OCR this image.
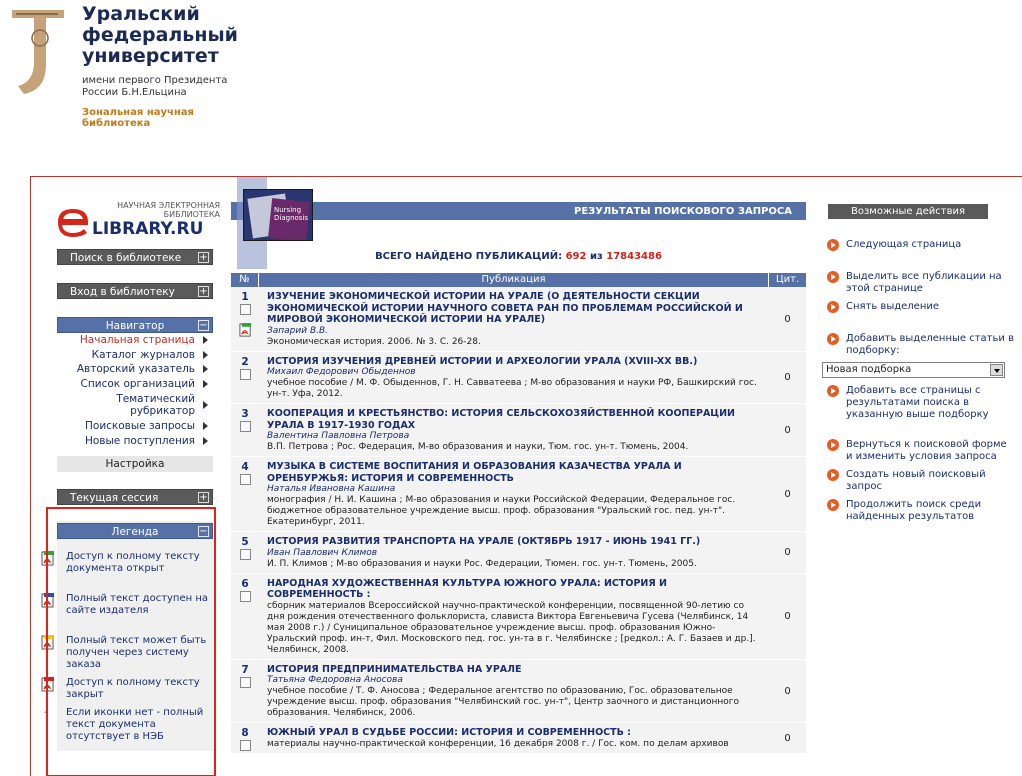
Уральский
федеральный
университет
имени первого Президента
России Б.Н.Ельцина
Зональная научная
библиотека
НАУЧНАЯ ЭЛЕКТРОННАЯ
БИБЛИОТЕКА
LIBRARY.RU
Поиск в библиотеке +
Вход в библиотеку +
Навигатор	−
Начальная страница
Каталог журналов
Авторский указатель
Список организаций
Тематический рубрикатор
Поисковые запросы
Новые поступления
Настройка
Текущая сессия	+
Легенда	−
Доступ к полному тексту документа открыт
Полный текст доступен на сайте издателя
Полный текст может быть получен через систему заказа
Доступ к полному тексту закрыт
- Если иконки нет - полный текст документа отсутствует в НЭБ
Nursing Diagnosis
РЕЗУЛЬТАТЫ ПОИСКОВОГО ЗАПРОСА
ВСЕГО НАЙДЕНО ПУБЛИКАЦИЙ: 692 из 17843486
№	Публикация	Цит.
1	ИЗУЧЕНИЕ ЭКОНОМИЧЕСКОЙ ИСТОРИИ НА УРАЛЕ (О ДЕЯТЕЛЬНОСТИ СЕКЦИИ ЭКОНОМИЧЕСКОЙ ИСТОРИИ НАУЧНОГО СОВЕТА РАН ПО ПРОБЛЕМАМ РОССИЙСКОЙ И МИРОВОЙ ЭКОНОМИЧЕСКОЙ ИСТОРИИ НА УРАЛЕ)
Запарий В.В.
Экономическая история. 2006. № 3. С. 26-28.
0
2	ИСТОРИЯ ИЗУЧЕНИЯ ДРЕВНЕЙ ИСТОРИИ И АРХЕОЛОГИИ УРАЛА (XVIII-XX ВВ.)
Михаил Федорович Обыденнов
учебное пособие / М. Ф. Обыденнов, Г. Н. Савватеева ; М-во образования и науки РФ, Башкирский гос. ун-т. Уфа, 2012.
0
3	КООПЕРАЦИЯ И КРЕСТЬЯНСТВО: ИСТОРИЯ СЕЛЬСКОХОЗЯЙСТВЕННОЙ КООПЕРАЦИИ УРАЛА В 1917-1930 ГОДАХ
Валентина Павловна Петрова
В.П. Петрова ; Рос. Федерация, М-во образования и науки, Тюм. гос. ун-т. Тюмень, 2004.
0
4	МУЗЫКА В СИСТЕМЕ ВОСПИТАНИЯ И ОБРАЗОВАНИЯ КАЗАЧЕСТВА УРАЛА И ОРЕНБУРЖЬЯ: ИСТОРИЯ И СОВРЕМЕННОСТЬ
Наталья Ивановна Кашина
монография / Н. И. Кашина ; М-во образования и науки Российской Федерации, Федеральное гос. бюджетное образовательное учреждение высш. проф. образования "Уральский гос. пед. ун-т". Екатеринбург, 2011.
0
5	ИСТОРИЯ РАЗВИТИЯ ТРАНСПОРТА НА УРАЛЕ (ОКТЯБРЬ 1917 - ИЮНЬ 1941 ГГ.)
Иван Павлович Климов
И. П. Климов ; М-во образования и науки Рос. Федерации, Тюмен. гос. ун-т. Тюмень, 2005.
0
6	НАРОДНАЯ ХУДОЖЕСТВЕННАЯ КУЛЬТУРА ЮЖНОГО УРАЛА: ИСТОРИЯ И СОВРЕМЕННОСТЬ :
сборник материалов Всероссийской научно-практической конференции, посвященной 90-летию со дня рождения отечественного фольклориста, слависта Виктора Евгеньевича Гусева (Челябинск, 14 мая 2008 г.) / Суниципальное образовательное учреждение высш. проф. образования Южно-Уральский проф. ин-т, Фил. Московского пед. гос. ун-та в г. Челябинске ; [редкол.: А. Г. Базаев и др.]. Челябинск, 2008.
0
7	ИСТОРИЯ ПРЕДПРИНИМАТЕЛЬСТВА НА УРАЛЕ
Татьяна Федоровна Аносова
учебное пособие / Т. Ф. Аносова ; Федеральное агентство по образованию, Гос. образовательное учреждение высш. проф. образования "Челябинский гос. ун-т", Центр заочного и дистанционного образования. Челябинск, 2006.
0
8	ЮЖНЫЙ УРАЛ В СУДЬБЕ РОССИИ: ИСТОРИЯ И СОВРЕМЕННОСТЬ :
материалы научно-практической конференции, 16 декабря 2008 г. / Гос. ком. по делам архивов	0
Возможные действия
Следующая страница
Выделить все публикации на этой странице
Снять выделение
Добавить выделенные статьи в подборку:
Новая подборка
Добавить все страницы с результатами поиска в указанную выше подборку
Вернуться к поисковой форме и изменить условия запроса
Создать новый поисковый запрос
Продолжить поиск среди найденных результатов
